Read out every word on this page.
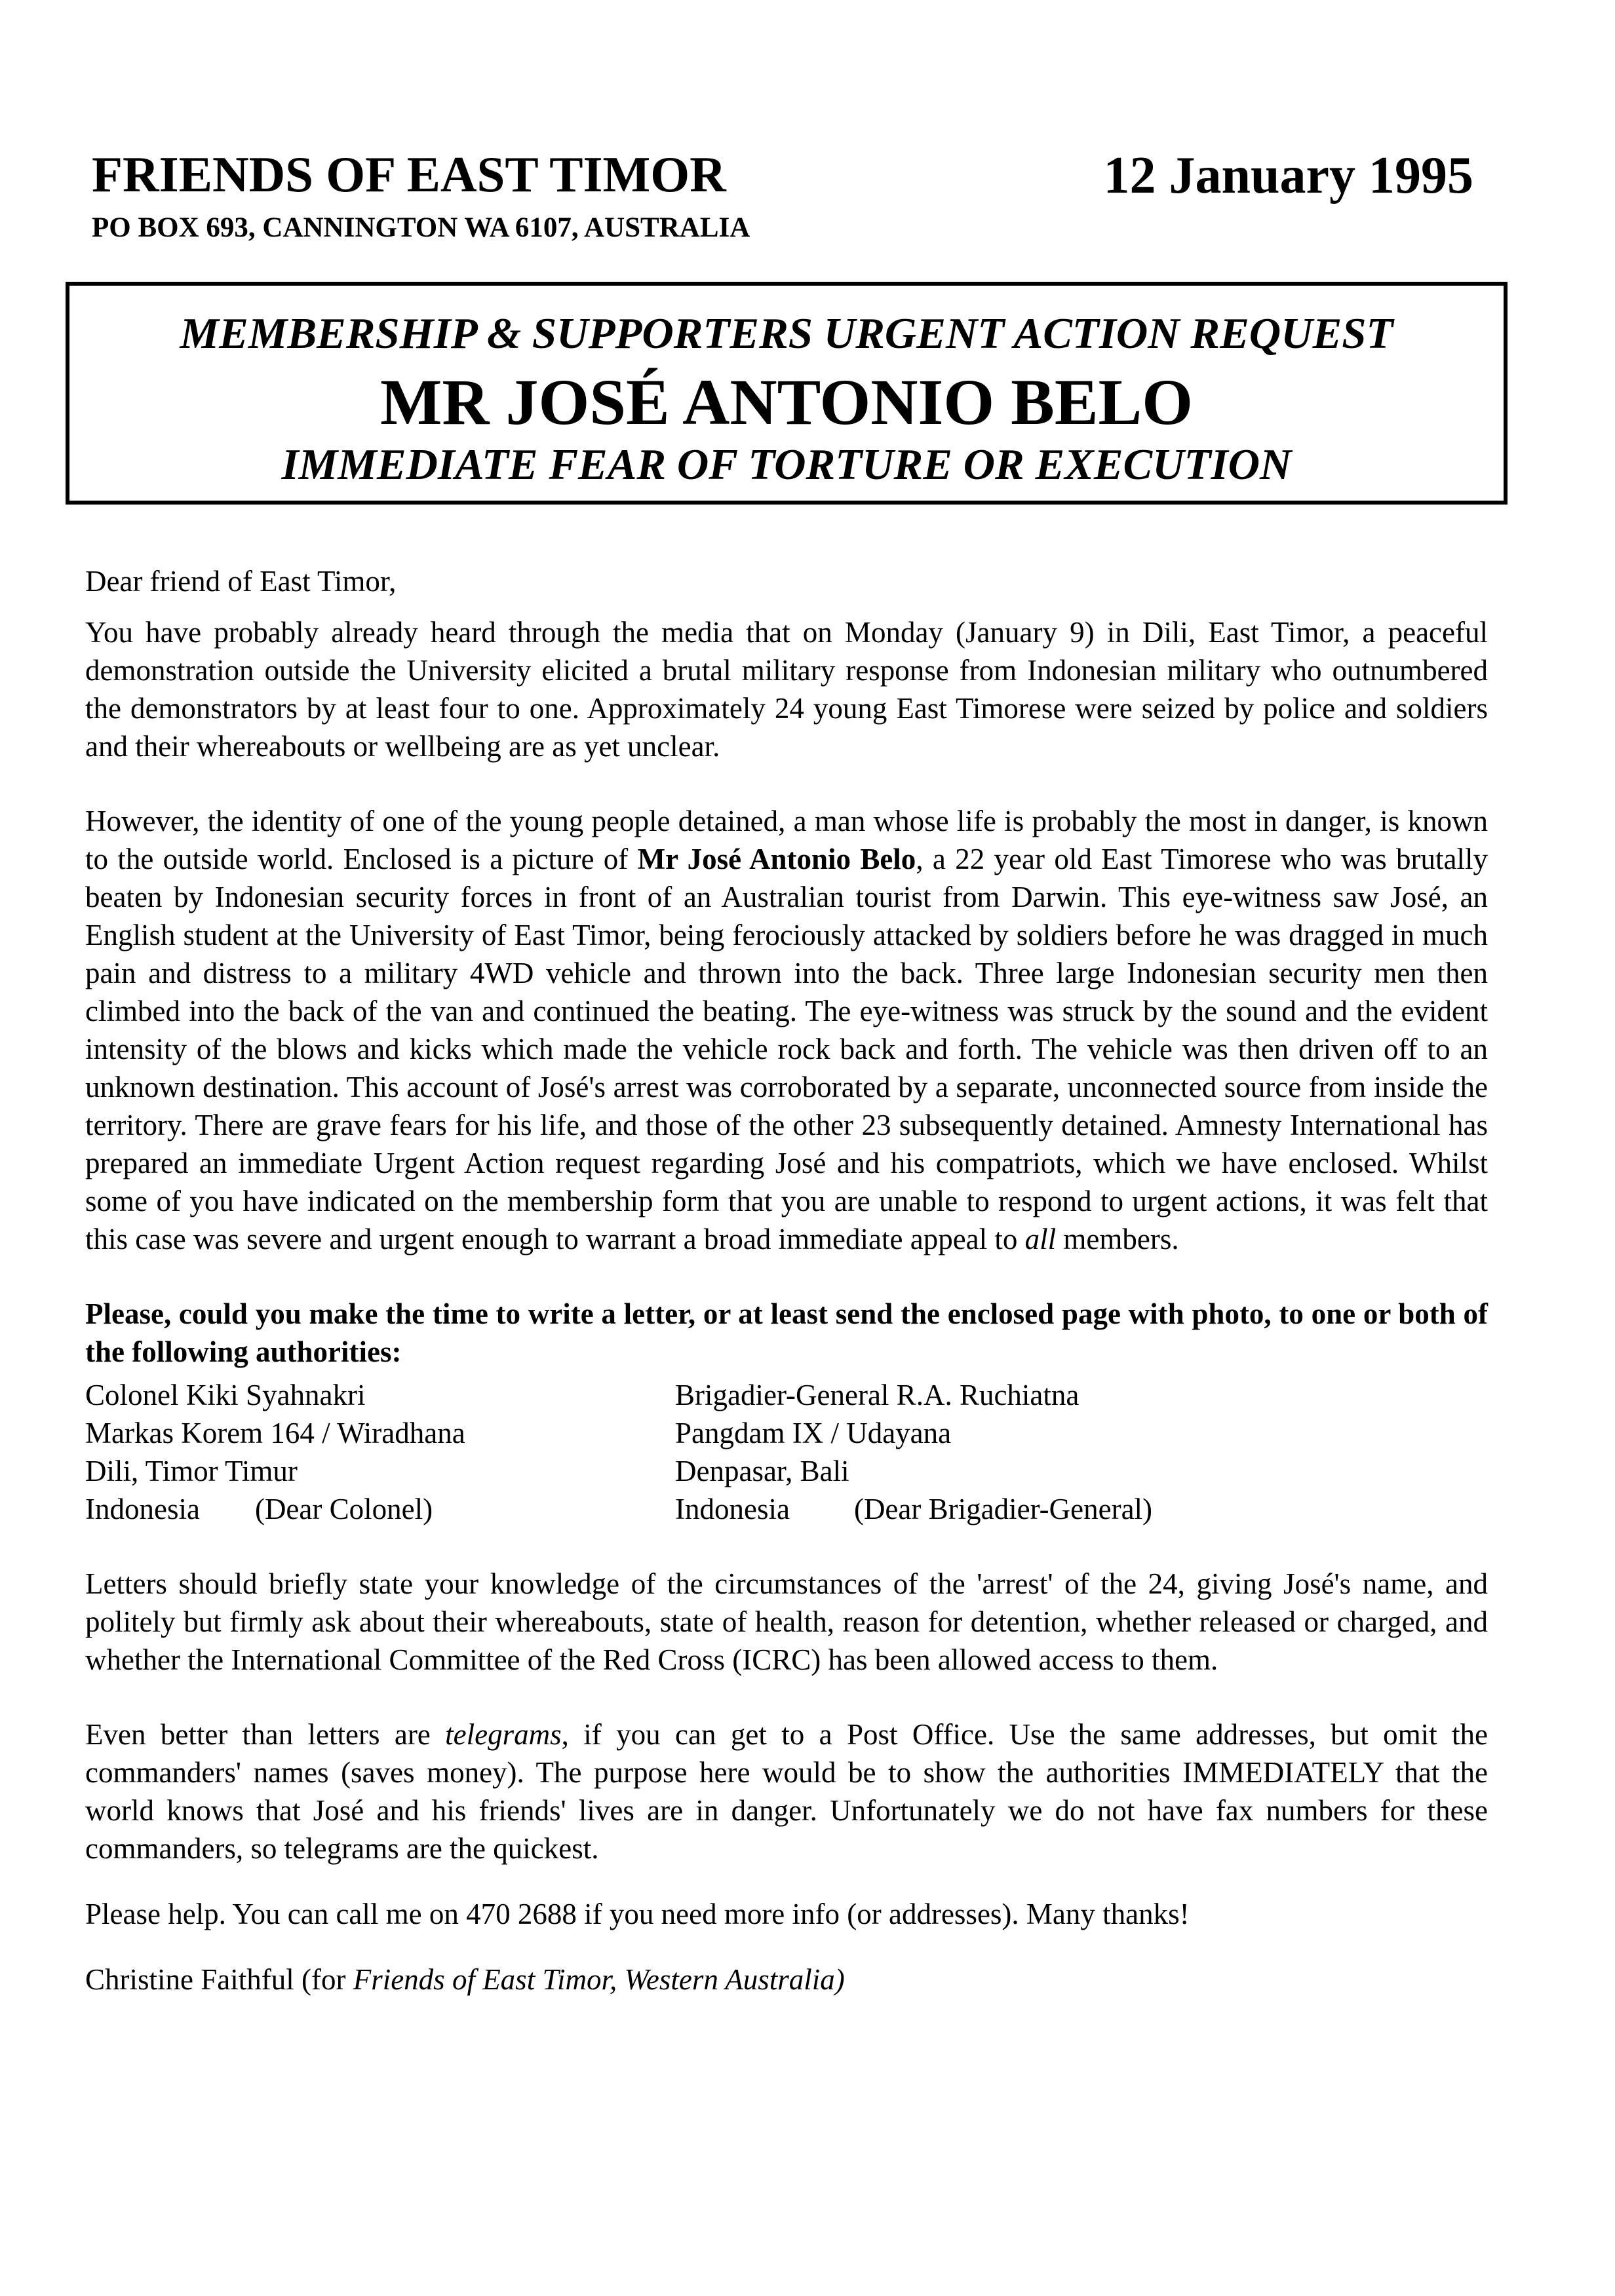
FRIENDS OF EAST TIMOR
PO BOX 693, CANNINGTON WA 6107, AUSTRALIA
12 January 1995
MEMBERSHIP & SUPPORTERS URGENT ACTION REQUEST
MR JOSÉ ANTONIO BELO
IMMEDIATE FEAR OF TORTURE OR EXECUTION

Dear friend of East Timor,

You have probably already heard through the media that on Monday (January 9) in Dili, East Timor, a peaceful demonstration outside the University elicited a brutal military response from Indonesian military who outnumbered the demonstrators by at least four to one. Approximately 24 young East Timorese were seized by police and soldiers and their whereabouts or wellbeing are as yet unclear.

However, the identity of one of the young people detained, a man whose life is probably the most in danger, is known to the outside world. Enclosed is a picture of Mr José Antonio Belo, a 22 year old East Timorese who was brutally beaten by Indonesian security forces in front of an Australian tourist from Darwin. This eye-witness saw José, an English student at the University of East Timor, being ferociously attacked by soldiers before he was dragged in much pain and distress to a military 4WD vehicle and thrown into the back. Three large Indonesian security men then climbed into the back of the van and continued the beating. The eye-witness was struck by the sound and the evident intensity of the blows and kicks which made the vehicle rock back and forth. The vehicle was then driven off to an unknown destination. This account of José's arrest was corroborated by a separate, unconnected source from inside the territory. There are grave fears for his life, and those of the other 23 subsequently detained. Amnesty International has prepared an immediate Urgent Action request regarding José and his compatriots, which we have enclosed. Whilst some of you have indicated on the membership form that you are unable to respond to urgent actions, it was felt that this case was severe and urgent enough to warrant a broad immediate appeal to all members.

Please, could you make the time to write a letter, or at least send the enclosed page with photo, to one or both of the following authorities:

Colonel Kiki Syahnakri
Markas Korem 164 / Wiradhana
Dili, Timor Timur
Indonesia (Dear Colonel)
Brigadier-General R.A. Ruchiatna
Pangdam IX / Udayana
Denpasar, Bali
Indonesia (Dear Brigadier-General)

Letters should briefly state your knowledge of the circumstances of the 'arrest' of the 24, giving José's name, and politely but firmly ask about their whereabouts, state of health, reason for detention, whether released or charged, and whether the International Committee of the Red Cross (ICRC) has been allowed access to them.

Even better than letters are telegrams, if you can get to a Post Office. Use the same addresses, but omit the commanders' names (saves money). The purpose here would be to show the authorities IMMEDIATELY that the world knows that José and his friends' lives are in danger. Unfortunately we do not have fax numbers for these commanders, so telegrams are the quickest.

Please help. You can call me on 470 2688 if you need more info (or addresses). Many thanks!

Christine Faithful (for Friends of East Timor, Western Australia)
